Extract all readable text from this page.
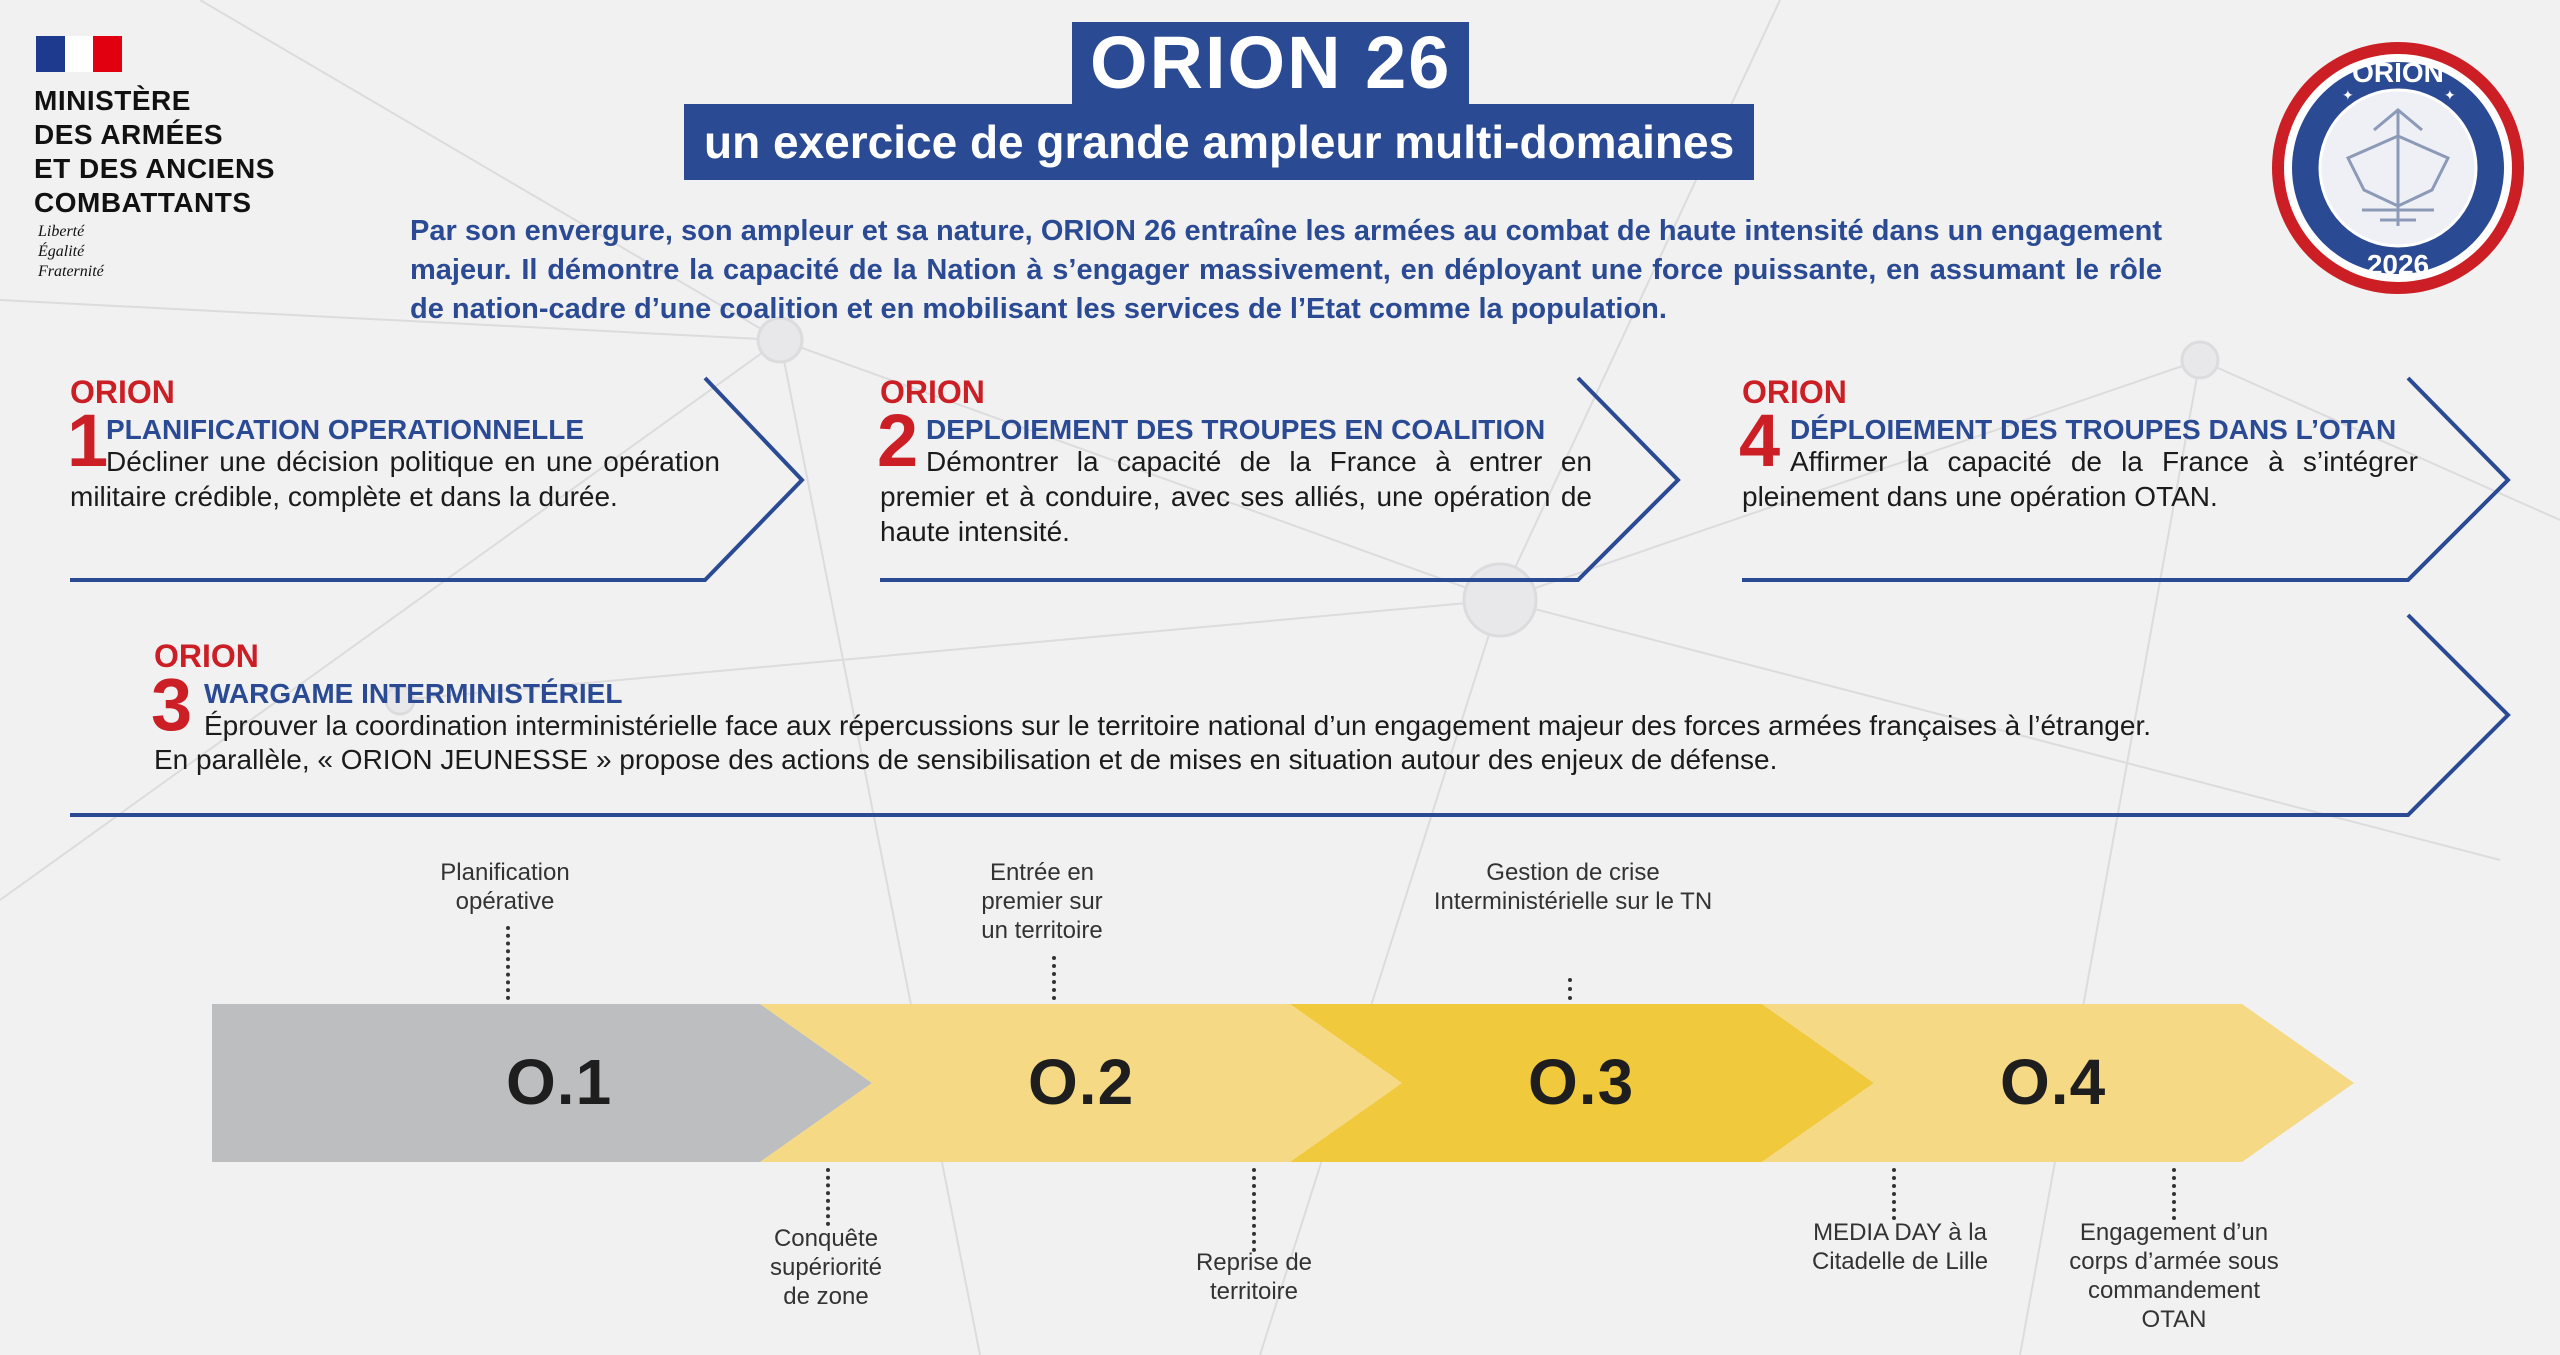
MINISTÈRE
DES ARMÉES
ET DES ANCIENS
COMBATTANTS
Liberté
Égalité
Fraternité
ORION 26
un exercice de grande ampleur multi-domaines
ORION
2026
✦	✦
Par son envergure, son ampleur et sa nature, ORION 26 entraîne les armées au combat de haute intensité dans un engagement majeur. Il démontre la capacité de la Nation à s’engager massivement, en déployant une force puissante, en assumant le rôle de nation-cadre d’une coalition et en mobilisant les services de l’Etat comme la population.
ORION
1
PLANIFICATION OPERATIONNELLE
Décliner une décision politique en une opération militaire crédible, complète et dans la durée.
ORION
2 DEPLOIEMENT DES TROUPES EN COALITION
Démontrer la capacité de la France à entrer en premier et à conduire, avec ses alliés, une opération de haute intensité.
ORION
4 DÉPLOIEMENT DES TROUPES DANS L’OTAN
Affirmer la capacité de la France à s’intégrer pleinement dans une opération OTAN.
ORION
3 WARGAME INTERMINISTÉRIEL
Éprouver la coordination interministérielle face aux répercussions sur le territoire national d’un engagement majeur des forces armées françaises à l’étranger.
En parallèle, « ORION JEUNESSE » propose des actions de sensibilisation et de mises en situation autour des enjeux de défense.
O.1	O.2	O.3	O.4
Planification
opérative
Entrée en
premier sur
un territoire
Gestion de crise
Interministérielle sur le TN
Conquête
supériorité
de zone
Reprise de
territoire
MEDIA DAY à la
Citadelle de Lille
Engagement d’un
corps d’armée sous
commandement
OTAN
